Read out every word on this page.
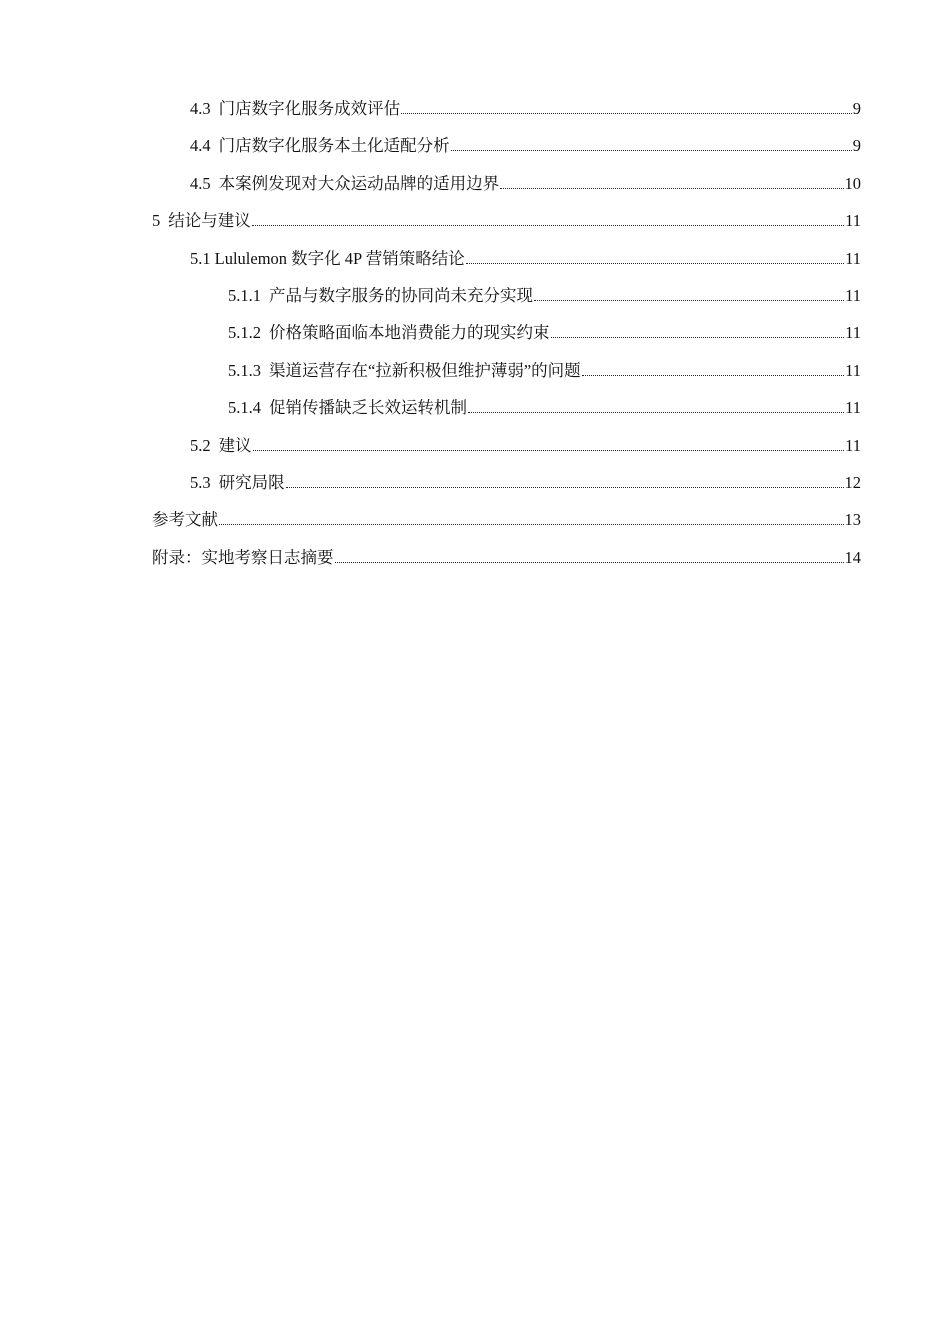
4.3 门店数字化服务成效评估	9
4.4 门店数字化服务本土化适配分析	9
4.5 本案例发现对大众运动品牌的适用边界	10
5 结论与建议	11
5.1 Lululemon 数字化 4P 营销策略结论	11
5.1.1 产品与数字服务的协同尚未充分实现	11
5.1.2 价格策略面临本地消费能力的现实约束	11
5.1.3 渠道运营存在“拉新积极但维护薄弱”的问题	11
5.1.4 促销传播缺乏长效运转机制	11
5.2 建议	11
5.3 研究局限	12
参考文献	13
附录：实地考察日志摘要	14
